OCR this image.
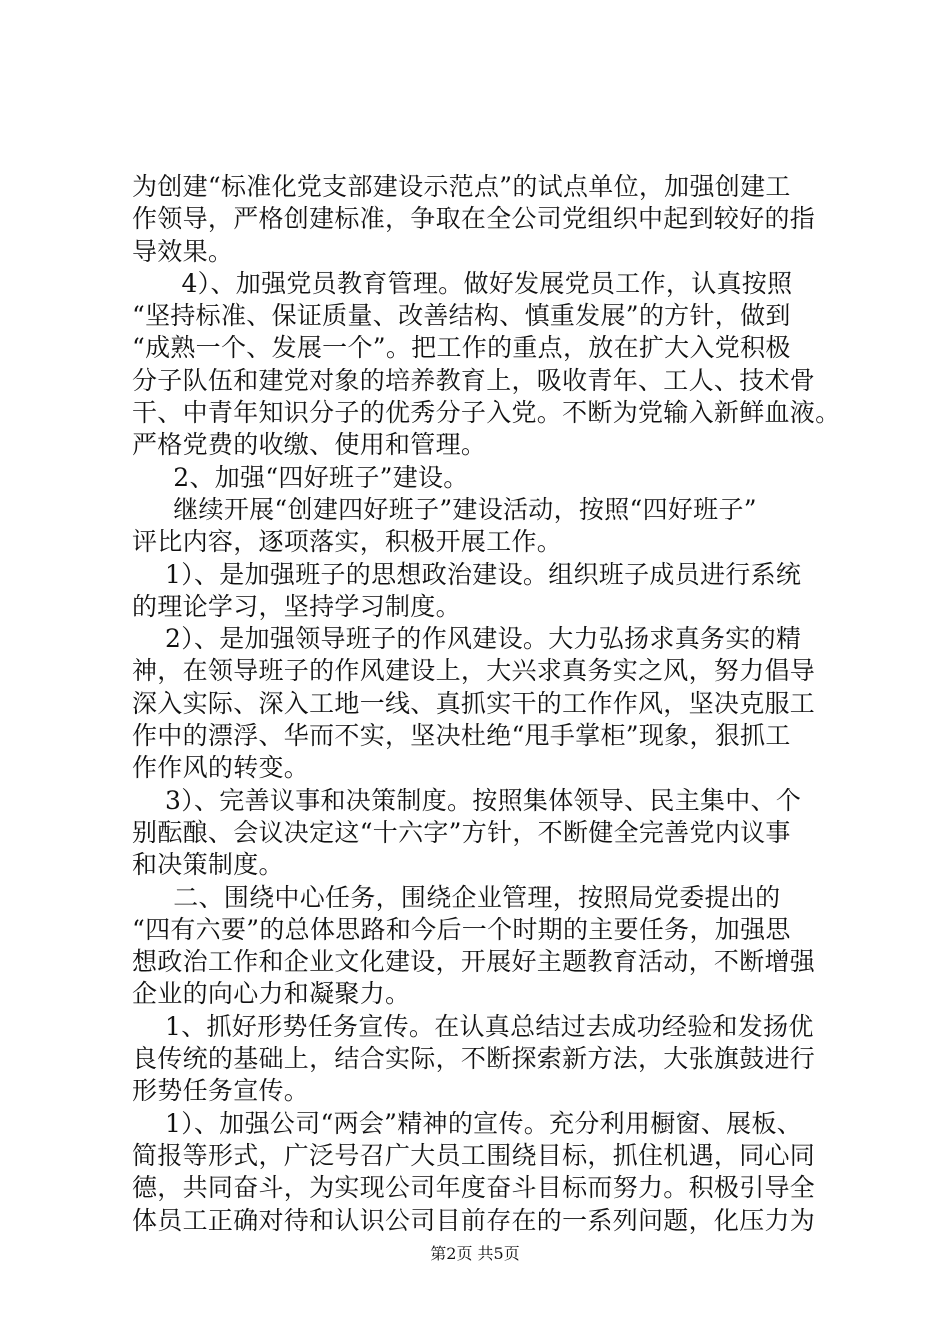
为创建“标准化党支部建设示范点”的试点单位，加强创建工
作领导，严格创建标准，争取在全公司党组织中起到较好的指
导效果。
4）、加强党员教育管理。做好发展党员工作，认真按照
“坚持标准、保证质量、改善结构、慎重发展”的方针，做到
“成熟一个、发展一个”。把工作的重点，放在扩大入党积极
分子队伍和建党对象的培养教育上，吸收青年、工人、技术骨
干、中青年知识分子的优秀分子入党。不断为党输入新鲜血液。
严格党费的收缴、使用和管理。
2、加强“四好班子”建设。
继续开展“创建四好班子”建设活动，按照“四好班子”
评比内容，逐项落实，积极开展工作。
1）、是加强班子的思想政治建设。组织班子成员进行系统
的理论学习，坚持学习制度。
2）、是加强领导班子的作风建设。大力弘扬求真务实的精
神，在领导班子的作风建设上，大兴求真务实之风，努力倡导
深入实际、深入工地一线、真抓实干的工作作风，坚决克服工
作中的漂浮、华而不实，坚决杜绝“甩手掌柜”现象，狠抓工
作作风的转变。
3）、完善议事和决策制度。按照集体领导、民主集中、个
别酝酿、会议决定这“十六字”方针，不断健全完善党内议事
和决策制度。
二、围绕中心任务，围绕企业管理，按照局党委提出的
“四有六要”的总体思路和今后一个时期的主要任务，加强思
想政治工作和企业文化建设，开展好主题教育活动，不断增强
企业的向心力和凝聚力。
1、抓好形势任务宣传。在认真总结过去成功经验和发扬优
良传统的基础上，结合实际，不断探索新方法，大张旗鼓进行
形势任务宣传。
1）、加强公司“两会”精神的宣传。充分利用橱窗、展板、
简报等形式，广泛号召广大员工围绕目标，抓住机遇，同心同
德，共同奋斗，为实现公司年度奋斗目标而努力。积极引导全
体员工正确对待和认识公司目前存在的一系列问题，化压力为
第2页 共5页
